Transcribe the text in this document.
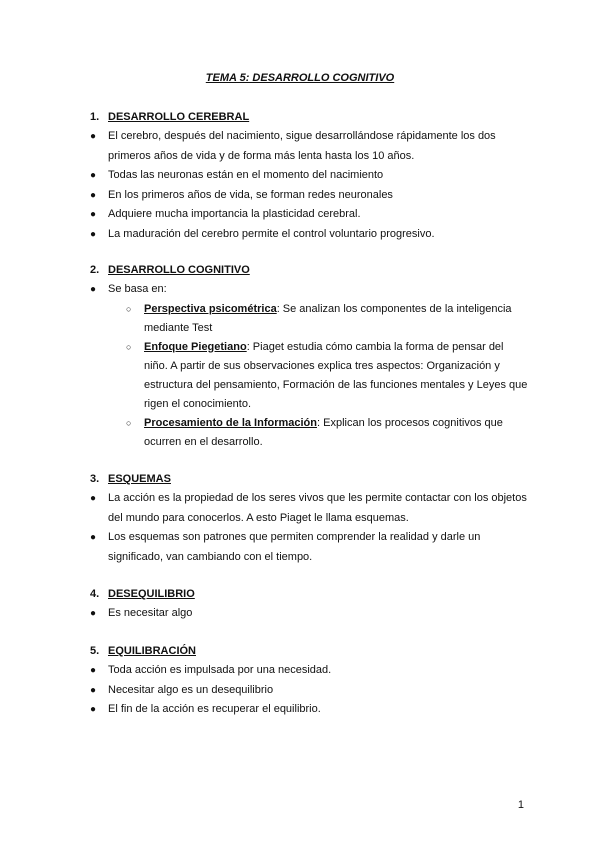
TEMA 5: DESARROLLO COGNITIVO
1. DESARROLLO CEREBRAL
●	El cerebro, después del nacimiento, sigue desarrollándose rápidamente los dos primeros años de vida y de forma más lenta hasta los 10 años.
●	Todas las neuronas están en el momento del nacimiento
●	En los primeros años de vida, se forman redes neuronales
●	Adquiere mucha importancia la plasticidad cerebral.
●	La maduración del cerebro permite el control voluntario progresivo.
2. DESARROLLO COGNITIVO
●	Se basa en:
○	Perspectiva psicométrica: Se analizan los componentes de la inteligencia mediante Test
○	Enfoque Piegetiano: Piaget estudia cómo cambia la forma de pensar del niño. A partir de sus observaciones explica tres aspectos: Organización y estructura del pensamiento, Formación de las funciones mentales y Leyes que rigen el conocimiento.
○	Procesamiento de la Información: Explican los procesos cognitivos que ocurren en el desarrollo.
3. ESQUEMAS
●	La acción es la propiedad de los seres vivos que les permite contactar con los objetos del mundo para conocerlos. A esto Piaget le llama esquemas.
●	Los esquemas son patrones que permiten comprender la realidad y darle un significado, van cambiando con el tiempo.
4. DESEQUILIBRIO
●	Es necesitar algo
5. EQUILIBRACIÓN
●	Toda acción es impulsada por una necesidad.
●	Necesitar algo es un desequilibrio
●	El fin de la acción es recuperar el equilibrio.
1
